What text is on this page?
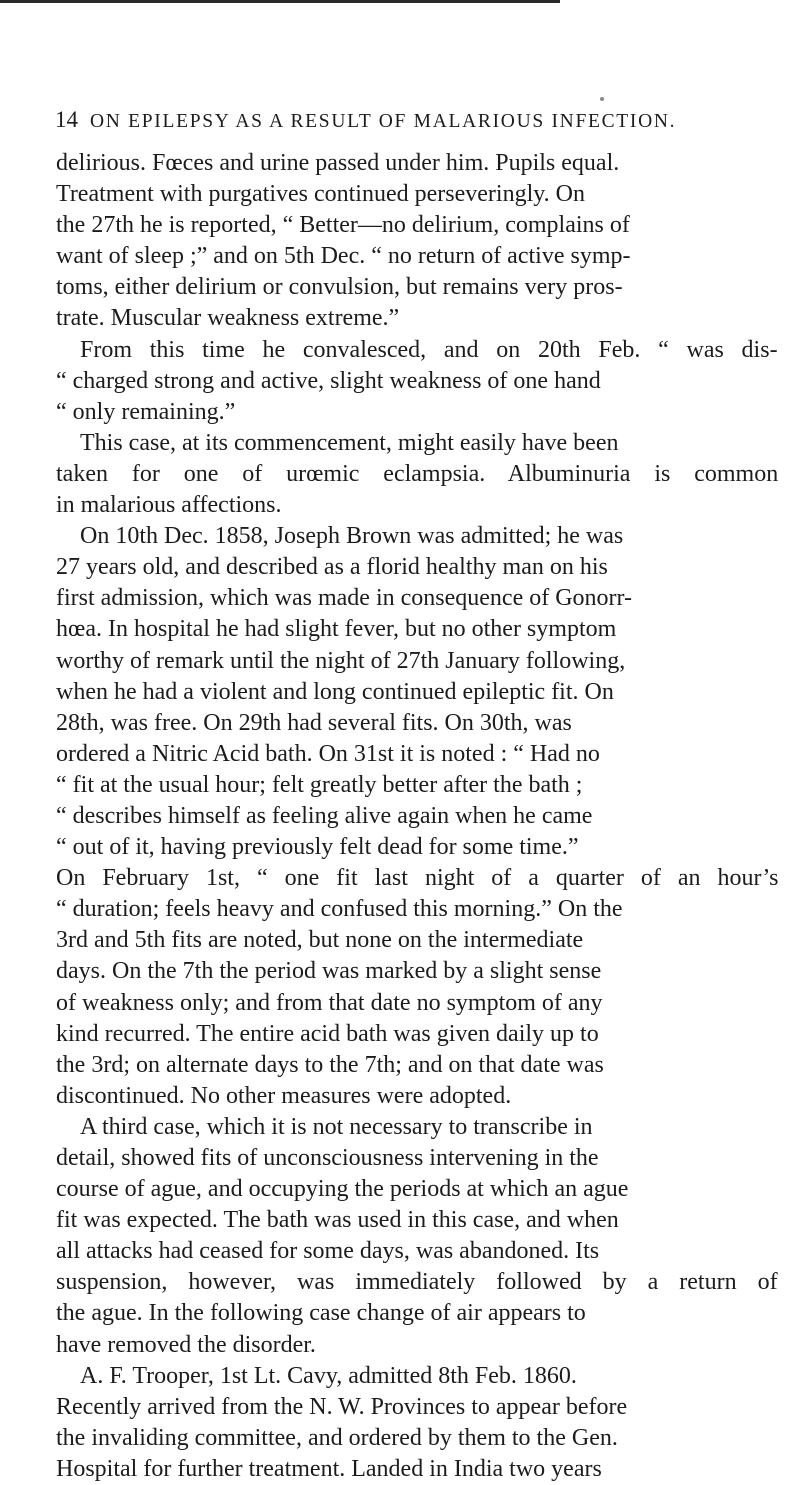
14 ON EPILEPSY AS A RESULT OF MALARIOUS INFECTION.
delirious. Fœces and urine passed under him. Pupils equal.
Treatment with purgatives continued perseveringly. On
the 27th he is reported, “ Better—no delirium, complains of
want of sleep ;” and on 5th Dec. “ no return of active symp-
toms, either delirium or convulsion, but remains very pros-
trate. Muscular weakness extreme.”
From this time he convalesced, and on 20th Feb. “ was dis-
“ charged strong and active, slight weakness of one hand
“ only remaining.”
This case, at its commencement, might easily have been
taken for one of urœmic eclampsia. Albuminuria is common
in malarious affections.
On 10th Dec. 1858, Joseph Brown was admitted; he was
27 years old, and described as a florid healthy man on his
first admission, which was made in consequence of Gonorr-
hœa. In hospital he had slight fever, but no other symptom
worthy of remark until the night of 27th January following,
when he had a violent and long continued epileptic fit. On
28th, was free. On 29th had several fits. On 30th, was
ordered a Nitric Acid bath. On 31st it is noted : “ Had no
“ fit at the usual hour; felt greatly better after the bath ;
“ describes himself as feeling alive again when he came
“ out of it, having previously felt dead for some time.”
On February 1st, “ one fit last night of a quarter of an hour’s
“ duration; feels heavy and confused this morning.” On the
3rd and 5th fits are noted, but none on the intermediate
days. On the 7th the period was marked by a slight sense
of weakness only; and from that date no symptom of any
kind recurred. The entire acid bath was given daily up to
the 3rd; on alternate days to the 7th; and on that date was
discontinued. No other measures were adopted.
A third case, which it is not necessary to transcribe in
detail, showed fits of unconsciousness intervening in the
course of ague, and occupying the periods at which an ague
fit was expected. The bath was used in this case, and when
all attacks had ceased for some days, was abandoned. Its
suspension, however, was immediately followed by a return of
the ague. In the following case change of air appears to
have removed the disorder.
A. F. Trooper, 1st Lt. Cavy, admitted 8th Feb. 1860.
Recently arrived from the N. W. Provinces to appear before
the invaliding committee, and ordered by them to the Gen.
Hospital for further treatment. Landed in India two years
